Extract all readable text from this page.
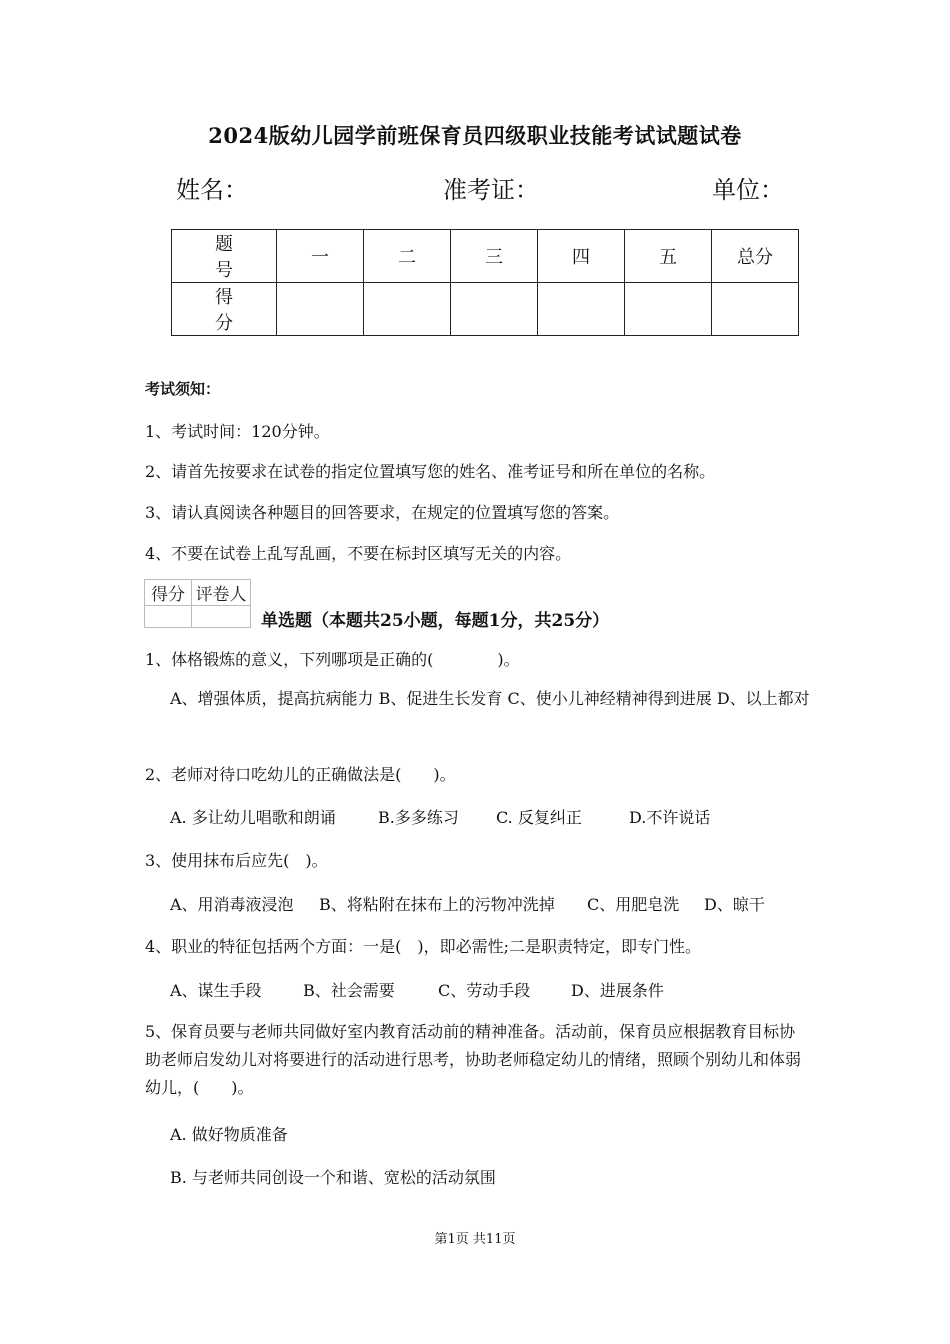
2024版幼儿园学前班保育员四级职业技能考试试题试卷
姓名：	准考证：	单位：
题　号	一	二	三	四	五	总分
得　分						
考试须知：
1、考试时间：120分钟。
2、请首先按要求在试卷的指定位置填写您的姓名、准考证号和所在单位的名称。
3、请认真阅读各种题目的回答要求，在规定的位置填写您的答案。
4、不要在试卷上乱写乱画，不要在标封区填写无关的内容。
得分	评卷人

单选题（本题共25小题，每题1分，共25分）
1、体格锻炼的意义，下列哪项是正确的(　　　　)。
A、增强体质，提高抗病能力 B、促进生长发育 C、使小儿神经精神得到进展 D、以上都对
2、老师对待口吃幼儿的正确做法是(　　)。
A. 多让幼儿唱歌和朗诵	B.多多练习 C. 反复纠正	D.不许说话
3、使用抹布后应先(　)。
A、用消毒液浸泡 B、将粘附在抹布上的污物冲洗掉 C、用肥皂洗 D、晾干
4、职业的特征包括两个方面：一是(　)，即必需性;二是职责特定，即专门性。
A、谋生手段	B、社会需要	C、劳动手段	D、进展条件
5、保育员要与老师共同做好室内教育活动前的精神准备。活动前，保育员应根据教育目标协助老师启发幼儿对将要进行的活动进行思考，协助老师稳定幼儿的情绪，照顾个别幼儿和体弱幼儿，(　　)。
A. 做好物质准备
B. 与老师共同创设一个和谐、宽松的活动氛围
第1页 共11页
